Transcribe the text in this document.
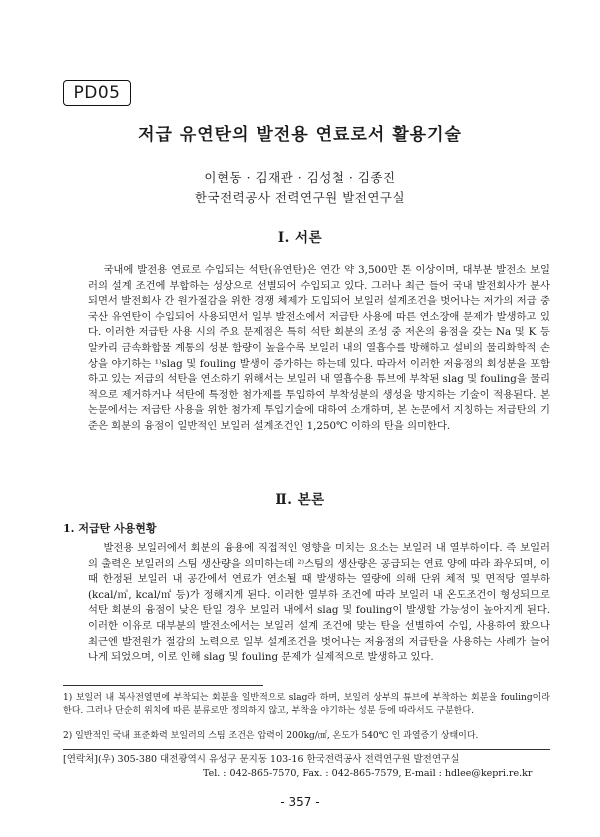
PD05
저급 유연탄의 발전용 연료로서 활용기술
이현동 · 김재관 · 김성철 · 김종진
한국전력공사 전력연구원 발전연구실
Ⅰ. 서론
국내에 발전용 연료로 수입되는 석탄(유연탄)은 연간 약 3,500만 톤 이상이며, 대부분 발전소 보일러의 설계 조건에 부합하는 성상으로 선별되어 수입되고 있다. 그러나 최근 들어 국내 발전회사가 분사되면서 발전회사 간 원가절감을 위한 경쟁 체제가 도입되어 보일러 설계조건을 벗어나는 저가의 저급 중국산 유연탄이 수입되어 사용되면서 일부 발전소에서 저급탄 사용에 따른 연소장애 문제가 발생하고 있다. 이러한 저급탄 사용 시의 주요 문제점은 특히 석탄 회분의 조성 중 저온의 융점을 갖는 Na 및 K 등 알카리 금속화합물 계통의 성분 함량이 높을수록 보일러 내의 열흡수를 방해하고 설비의 물리화학적 손상을 야기하는 ¹⁾slag 및 fouling 발생이 증가하는 하는데 있다. 따라서 이러한 저융점의 회성분을 포함하고 있는 저급의 석탄을 연소하기 위해서는 보일러 내 열흡수용 튜브에 부착된 slag 및 fouling을 물리적으로 제거하거나 석탄에 특정한 첨가제를 투입하여 부착성분의 생성을 방지하는 기술이 적용된다. 본 논문에서는 저급탄 사용을 위한 첨가제 투입기술에 대하여 소개하며, 본 논문에서 지칭하는 저급탄의 기준은 회분의 융점이 일반적인 보일러 설계조건인 1,250℃ 이하의 탄을 의미한다.
Ⅱ. 본론
1. 저급탄 사용현황
발전용 보일러에서 회분의 융용에 직접적인 영향을 미치는 요소는 보일러 내 열부하이다. 즉 보일러의 출력은 보일러의 스팀 생산량을 의미하는데 ²⁾스팀의 생산량은 공급되는 연료 양에 따라 좌우되며, 이때 한정된 보일러 내 공간에서 연료가 연소될 때 발생하는 열량에 의해 단위 체적 및 면적당 열부하(kcal/㎥, kcal/㎡ 등)가 정해지게 된다. 이러한 열부하 조건에 따라 보일러 내 온도조건이 형성되므로 석탄 회분의 융점이 낮은 탄일 경우 보일러 내에서 slag 및 fouling이 발생할 가능성이 높아지게 된다. 이러한 이유로 대부분의 발전소에서는 보일러 설계 조건에 맞는 탄을 선별하여 수입, 사용하여 왔으나 최근엔 발전원가 절감의 노력으로 일부 설계조건을 벗어나는 저융점의 저급탄을 사용하는 사례가 늘어나게 되었으며, 이로 인해 slag 및 fouling 문제가 실제적으로 발생하고 있다.
1) 보일러 내 복사전열면에 부착되는 회분을 일반적으로 slag라 하며, 보일러 상부의 튜브에 부착하는 회분을 fouling이라 한다. 그러나 단순히 위치에 따른 분류로만 정의하지 않고, 부착을 야기하는 성분 등에 따라서도 구분한다.
2) 일반적인 국내 표준화력 보일러의 스팀 조건은 압력이 200kg/㎠, 온도가 540℃ 인 과열증기 상태이다.
[연락처](우) 305-380 대전광역시 유성구 문지동 103-16 한국전력공사 전력연구원 발전연구실
Tel. : 042-865-7570, Fax. : 042-865-7579, E-mail : hdlee@kepri.re.kr
- 357 -
